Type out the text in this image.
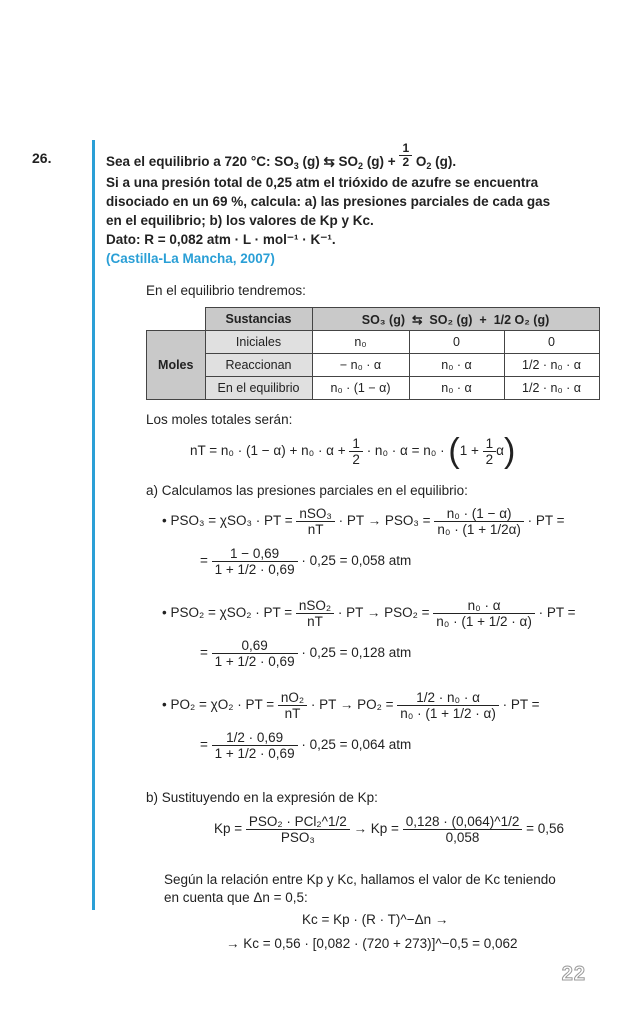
26.	Sea el equilibrio a 720 °C: $SO_3$ (g) ⇆ $SO_2$ $(g) + \frac{1}{2} O_2$ (g).
Si a una presión total de 0,25 atm el trióxido de azufre se encuentra
disociado en un 69 %, calcula: a) las presiones parciales de cada gas
en el equilibrio; b) los valores de Kp y Kc.
Dato: R = 0,082 atm · L · mol⁻¹ · K⁻¹.
(Castilla-La Mancha, 2007)
En el equilibrio tendremos:
	Sustancias	SO₃ (g) ⇆ SO₂ (g) + 1/2 O₂ (g)		
Moles	Iniciales	n₀	0	0
	Reaccionan	− n₀ · α	n₀ · α	1/2 · n₀ · α
	En el equilibrio	n₀ · (1 − α)	n₀ · α	1/2 · n₀ · α
Los moles totales serán:
nT = $n_0 \cdot (1 - \alpha) + n_0 \cdot \alpha + \frac{1}{2} \cdot n_0 \cdot \alpha = n_0 \cdot (1 + \frac{1}{2} \alpha)$
a) Calculamos las presiones parciales en el equilibrio:
• PSO₃ = χSO₃ · PT = $\frac{\text{nSO₃}}{nT}$ · PT → $PSO_3 = \frac{\text{n₀ · (1 − α)}}{\text{n₀ · (1 + 1/2α)}}$ · PT =
= $\frac{1 - 0,69}{1 + 1/2 \cdot 0,69} \cdot 0,25 = 0,058$ atm
• PSO₂ = χSO₂ · PT = $\frac{\text{nSO₂}}{nT}$ · PT → $PSO_2 = \frac{\text{n₀ · α}}{\text{n₀ · (1 + 1/2 · α)}}$ · PT =
= $\frac{0,69}{1 + 1/2 \cdot 0,69} \cdot 0,25 = 0,128$ atm
• PO₂ = χO₂ · PT = $\frac{\text{nO₂}}{nT}$ · PT → $PO_2 = \frac{\text{1/2 · n₀ · α}}{\text{n₀ · (1 + 1/2 · α)}}$ · PT =
= $\frac{1/2 \cdot 0,69}{1 + 1/2 \cdot 0,69} \cdot 0,25 = 0,064$ atm
b) Sustituyendo en la expresión de Kp:
$Kp = \frac{\text{PSO₂ · PCl₂\textasciicircum{}1/2}}{\text{PSO₃}} \to Kp = \frac{0,128 \cdot (0,064)\^{}1/2}{0,058} = 0,56$
Según la relación entre Kp y Kc, hallamos el valor de Kc teniendo
en cuenta que Δn = 0,5:
Kc = Kp · (R · T)^−Δn →
→ Kc = 0,56 · [0,082 · (720 + 273)]^−0,5 = 0,062
22
